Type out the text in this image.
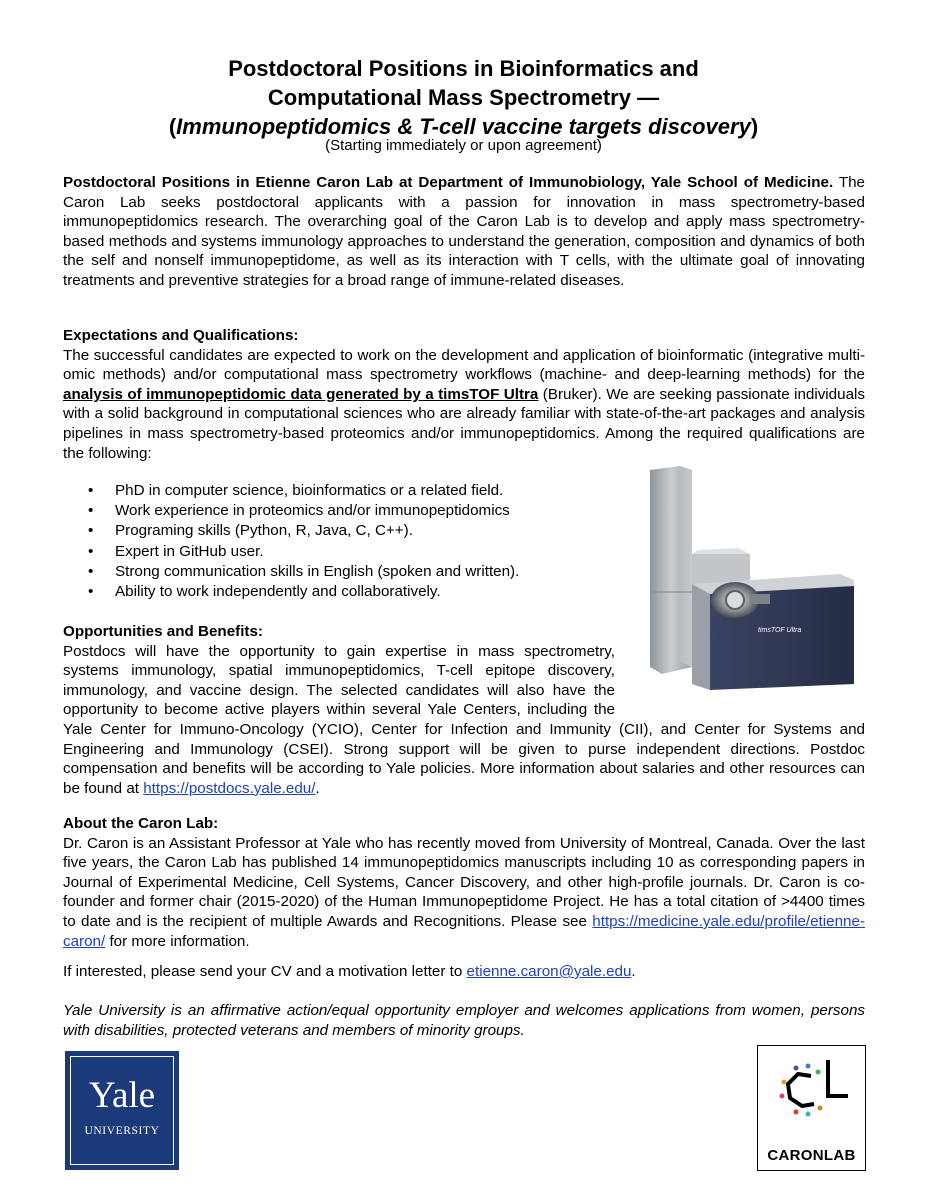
Postdoctoral Positions in Bioinformatics and
Computational Mass Spectrometry —
(Immunopeptidomics & T-cell vaccine targets discovery)
(Starting immediately or upon agreement)
Postdoctoral Positions in Etienne Caron Lab at Department of Immunobiology, Yale School of Medicine. The Caron Lab seeks postdoctoral applicants with a passion for innovation in mass spectrometry-based immunopeptidomics research. The overarching goal of the Caron Lab is to develop and apply mass spectrometry-based methods and systems immunology approaches to understand the generation, composition and dynamics of both the self and nonself immunopeptidome, as well as its interaction with T cells, with the ultimate goal of innovating treatments and preventive strategies for a broad range of immune-related diseases.
Expectations and Qualifications:
The successful candidates are expected to work on the development and application of bioinformatic (integrative multi-omic methods) and/or computational mass spectrometry workflows (machine- and deep-learning methods) for the analysis of immunopeptidomic data generated by a timsTOF Ultra (Bruker). We are seeking passionate individuals with a solid background in computational sciences who are already familiar with state-of-the-art packages and analysis pipelines in mass spectrometry-based proteomics and/or immunopeptidomics. Among the required qualifications are the following:
• PhD in computer science, bioinformatics or a related field.
• Work experience in proteomics and/or immunopeptidomics
• Programing skills (Python, R, Java, C, C++).
• Expert in GitHub user.
• Strong communication skills in English (spoken and written).
• Ability to work independently and collaboratively.
timsTOF Ultra
Opportunities and Benefits:
Postdocs will have the opportunity to gain expertise in mass spectrometry, systems immunology, spatial immunopeptidomics, T-cell epitope discovery, immunology, and vaccine design. The selected candidates will also have the opportunity to become active players within several Yale Centers, including the Yale Center for Immuno-Oncology (YCIO), Center for Infection and Immunity (CII), and Center for Systems and Engineering and Immunology (CSEI). Strong support will be given to purse independent directions. Postdoc compensation and benefits will be according to Yale policies. More information about salaries and other resources can be found at https://postdocs.yale.edu/.
About the Caron Lab:
Dr. Caron is an Assistant Professor at Yale who has recently moved from University of Montreal, Canada. Over the last five years, the Caron Lab has published 14 immunopeptidomics manuscripts including 10 as corresponding papers in Journal of Experimental Medicine, Cell Systems, Cancer Discovery, and other high-profile journals. Dr. Caron is co-founder and former chair (2015-2020) of the Human Immunopeptidome Project. He has a total citation of >4400 times to date and is the recipient of multiple Awards and Recognitions. Please see https://medicine.yale.edu/profile/etienne-caron/ for more information.
If interested, please send your CV and a motivation letter to etienne.caron@yale.edu.
Yale University is an affirmative action/equal opportunity employer and welcomes applications from women, persons with disabilities, protected veterans and members of minority groups.
Yale
UNIVERSITY
CARONLAB
